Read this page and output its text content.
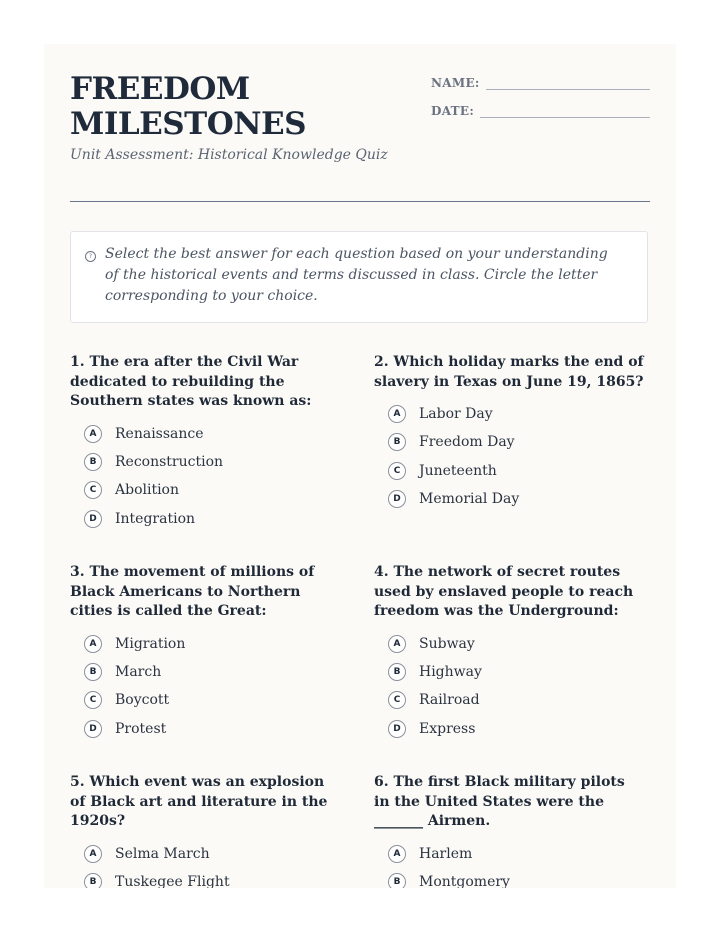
FREEDOM
MILESTONES

Unit Assessment: Historical Knowledge Quiz

NAME:
DATE:
? Select the best answer for each question based on your understanding of the historical events and terms discussed in class. Circle the letter corresponding to your choice.

1. The era after the Civil War dedicated to rebuilding the Southern states was known as:

A	Renaissance
B	Reconstruction
C	Abolition
D	Integration

2. Which holiday marks the end of slavery in Texas on June 19, 1865?

A	Labor Day
B	Freedom Day
C	Juneteenth
D	Memorial Day

3. The movement of millions of Black Americans to Northern cities is called the Great:

A	Migration
B	March
C	Boycott
D	Protest

4. The network of secret routes used by enslaved people to reach freedom was the Underground:

A	Subway
B	Highway
C	Railroad
D	Express

5. Which event was an explosion of Black art and literature in the 1920s?

A	Selma March
B	Tuskegee Flight

6. The first Black military pilots in the United States were the _______ Airmen.

A	Harlem
B	Montgomery
